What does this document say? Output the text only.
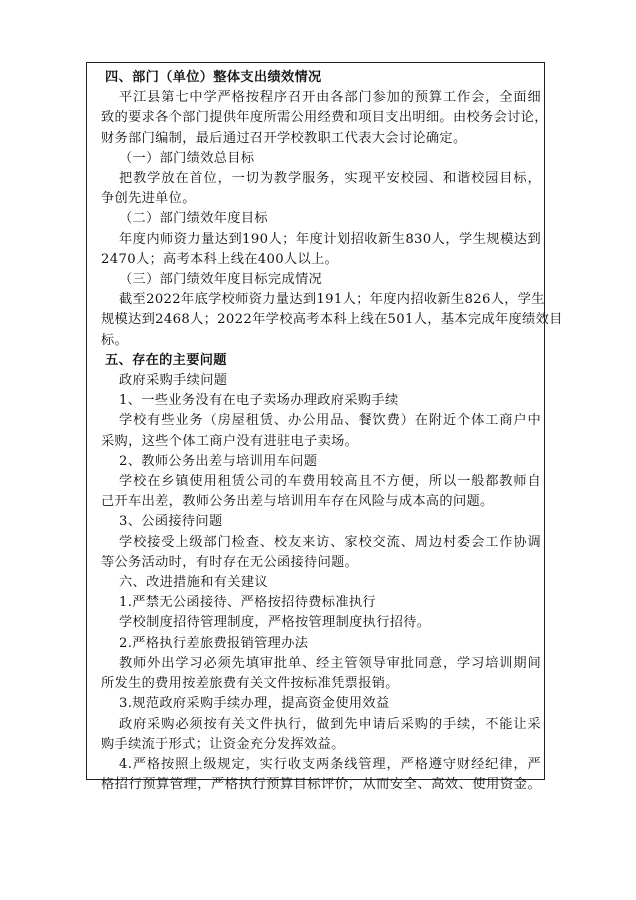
四、部门（单位）整体支出绩效情况
平江县第七中学严格按程序召开由各部门参加的预算工作会，全面细
致的要求各个部门提供年度所需公用经费和项目支出明细。由校务会讨论，
财务部门编制，最后通过召开学校教职工代表大会讨论确定。
（一）部门绩效总目标
把教学放在首位，一切为教学服务，实现平安校园、和谐校园目标，
争创先进单位。
（二）部门绩效年度目标
年度内师资力量达到190人；年度计划招收新生830人，学生规模达到
2470人；高考本科上线在400人以上。
（三）部门绩效年度目标完成情况
截至2022年底学校师资力量达到191人；年度内招收新生826人，学生
规模达到2468人；2022年学校高考本科上线在501人，基本完成年度绩效目
标。
五、存在的主要问题
政府采购手续问题
1、一些业务没有在电子卖场办理政府采购手续
学校有些业务（房屋租赁、办公用品、餐饮费）在附近个体工商户中
采购，这些个体工商户没有进驻电子卖场。
2、教师公务出差与培训用车问题
学校在乡镇使用租赁公司的车费用较高且不方便，所以一般都教师自
己开车出差，教师公务出差与培训用车存在风险与成本高的问题。
3、公函接待问题
学校接受上级部门检查、校友来访、家校交流、周边村委会工作协调
等公务活动时，有时存在无公函接待问题。
六、改进措施和有关建议
1.严禁无公函接待、严格按招待费标准执行
学校制度招待管理制度，严格按管理制度执行招待。
2.严格执行差旅费报销管理办法
教师外出学习必须先填审批单、经主管领导审批同意，学习培训期间
所发生的费用按差旅费有关文件按标准凭票报销。
3.规范政府采购手续办理，提高资金使用效益
政府采购必须按有关文件执行，做到先申请后采购的手续，不能让采
购手续流于形式；让资金充分发挥效益。
4.严格按照上级规定，实行收支两条线管理，严格遵守财经纪律，严
格招行预算管理，严格执行预算目标评价，从而安全、高效、使用资金。
